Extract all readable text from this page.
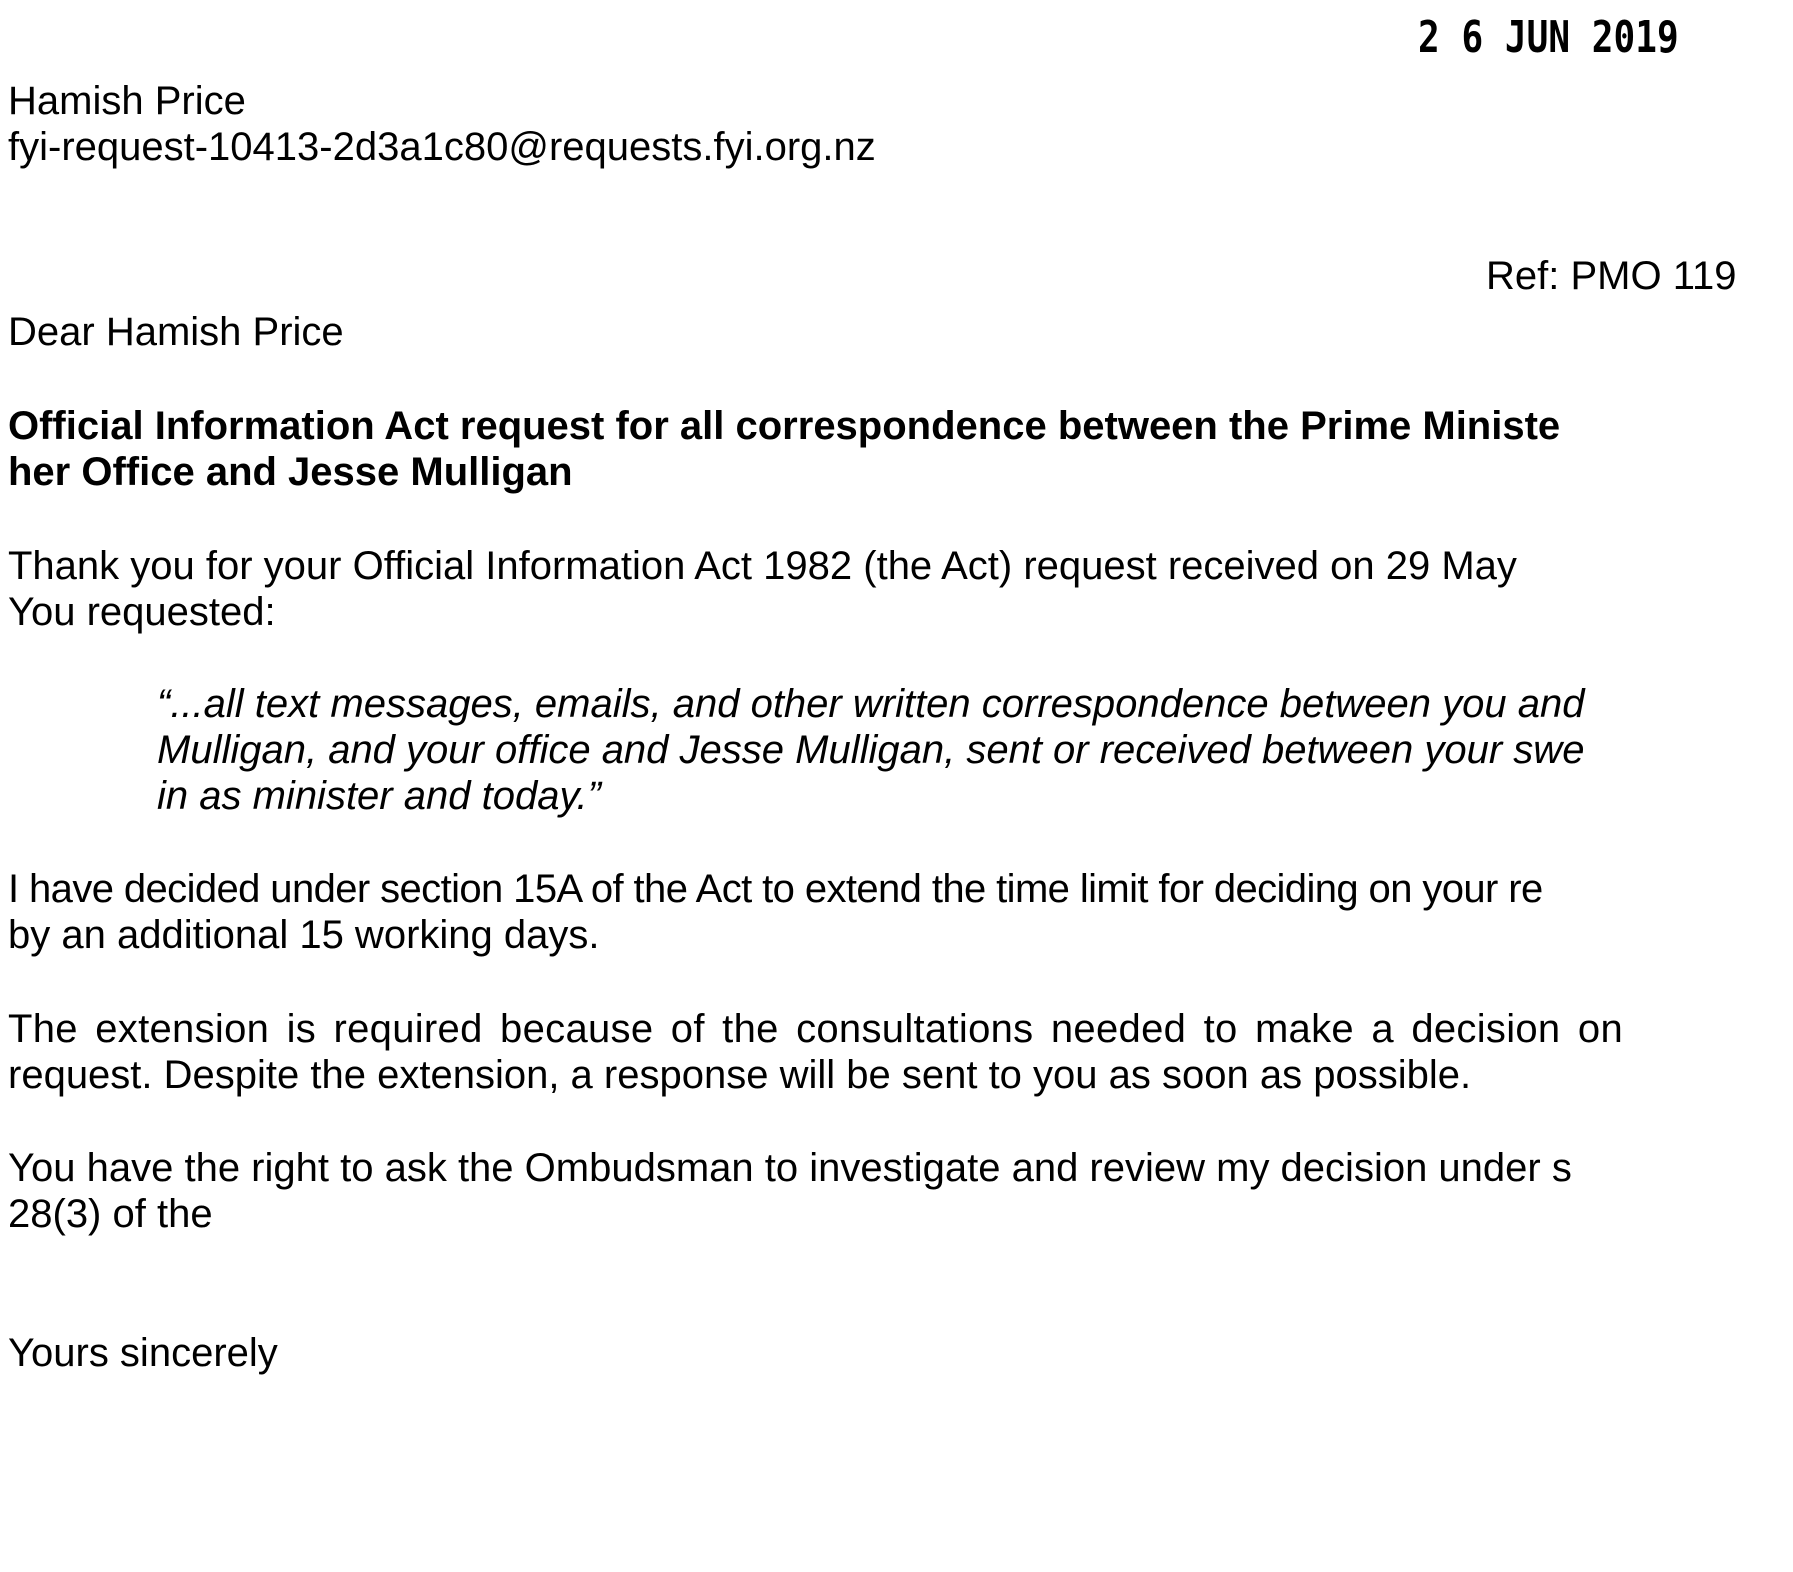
2 6 JUN 2019

Hamish Price

fyi-request-10413-2d3a1c80@requests.fyi.org.nz

Ref: PMO 119

Dear Hamish Price

Official Information Act request for all correspondence between the Prime Ministe

her Office and Jesse Mulligan

Thank you for your Official Information Act 1982 (the Act) request received on 29 May

You requested:

“...all text messages, emails, and other written correspondence between you and

Mulligan, and your office and Jesse Mulligan, sent or received between your swe

in as minister and today.”

I have decided under section 15A of the Act to extend the time limit for deciding on your re

by an additional 15 working days.

The extension is required because of the consultations needed to make a decision on

request. Despite the extension, a response will be sent to you as soon as possible.

You have the right to ask the Ombudsman to investigate and review my decision under s

28(3) of the

Yours sincerely
